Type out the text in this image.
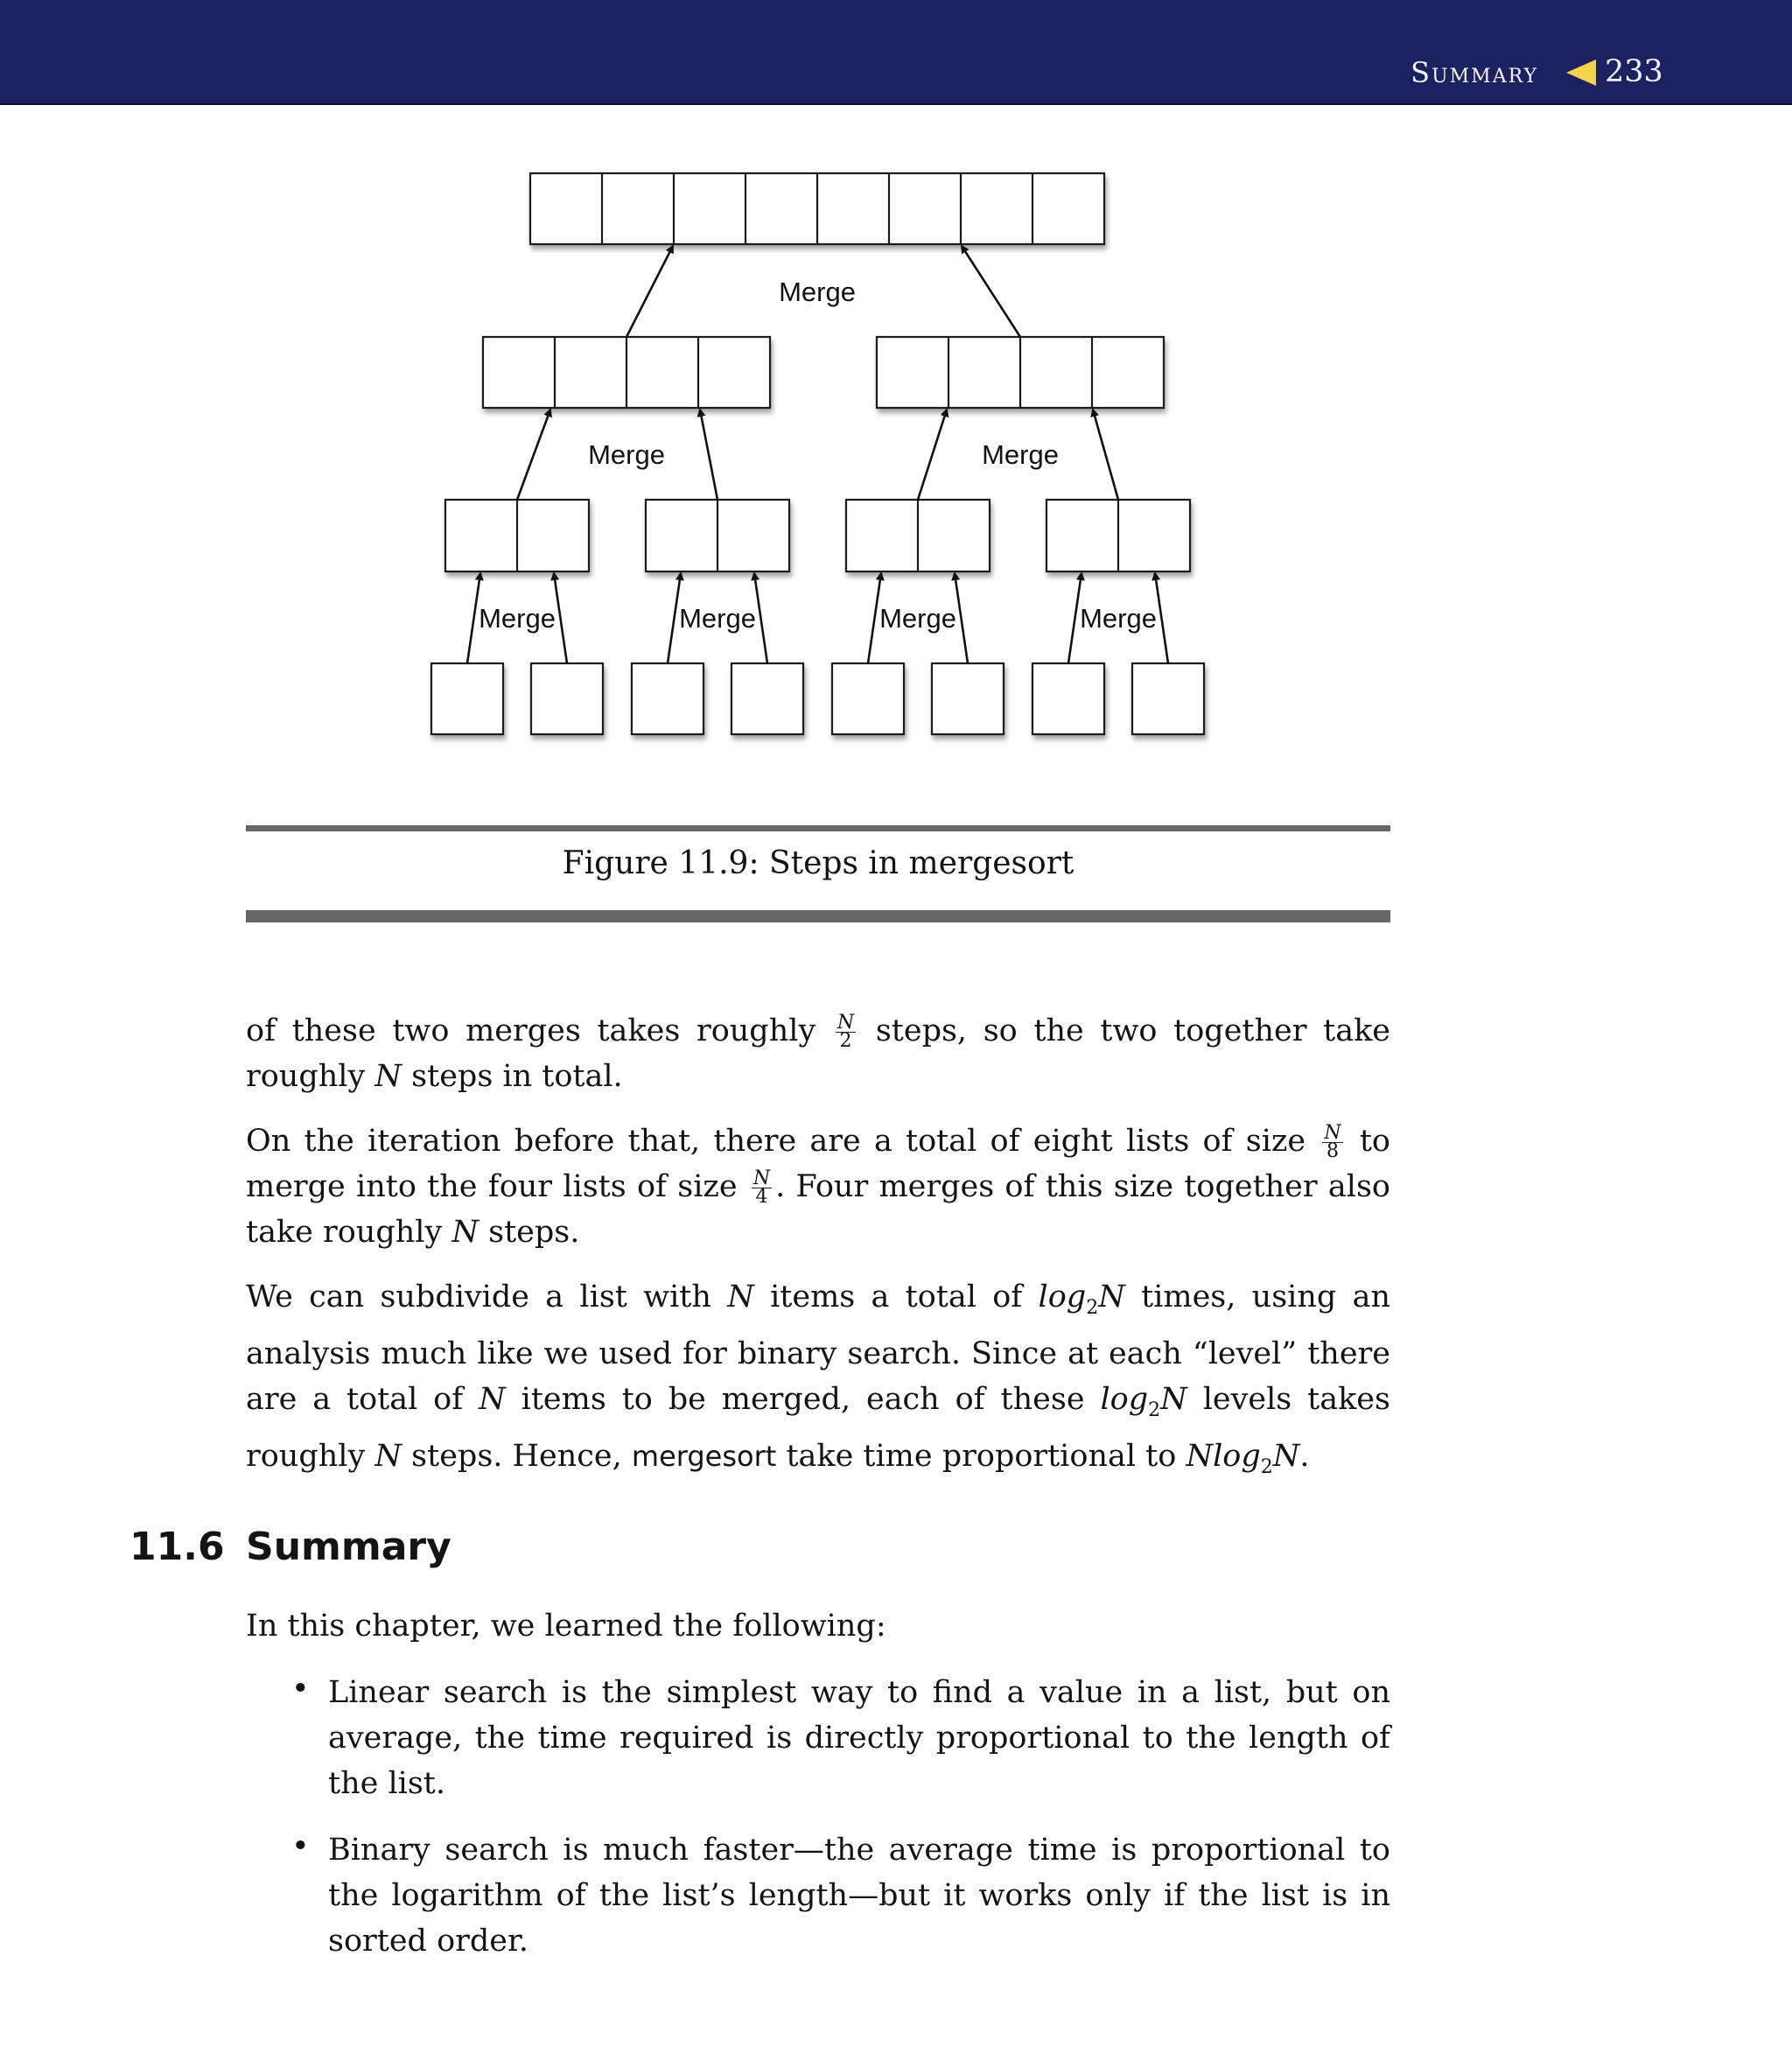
Summary 233
Merge
Merge	Merge
Merge	Merge	Merge	Merge
Figure 11.9: Steps in mergesort
of these two merges takes roughly $\frac{N}{2}$ steps, so the two together take roughly N steps in total.
On the iteration before that, there are a total of eight lists of size $\frac{N}{8}$ to merge into the four lists of size $\frac{N}{4}$ . Four merges of this size together also take roughly N steps.
We can subdivide a list with N items a total of $\log_2N$ times, using an analysis much like we used for binary search. Since at each “level” there are a total of N items to be merged, each of these $\log_2N$ levels takes roughly N steps. Hence, mergesort take time proportional to Nlog$_2$N.
11.6 Summary
In this chapter, we learned the following:
• Linear search is the simplest way to find a value in a list, but on average, the time required is directly proportional to the length of the list.
• Binary search is much faster—the average time is proportional to the logarithm of the list’s length—but it works only if the list is in sorted order.
